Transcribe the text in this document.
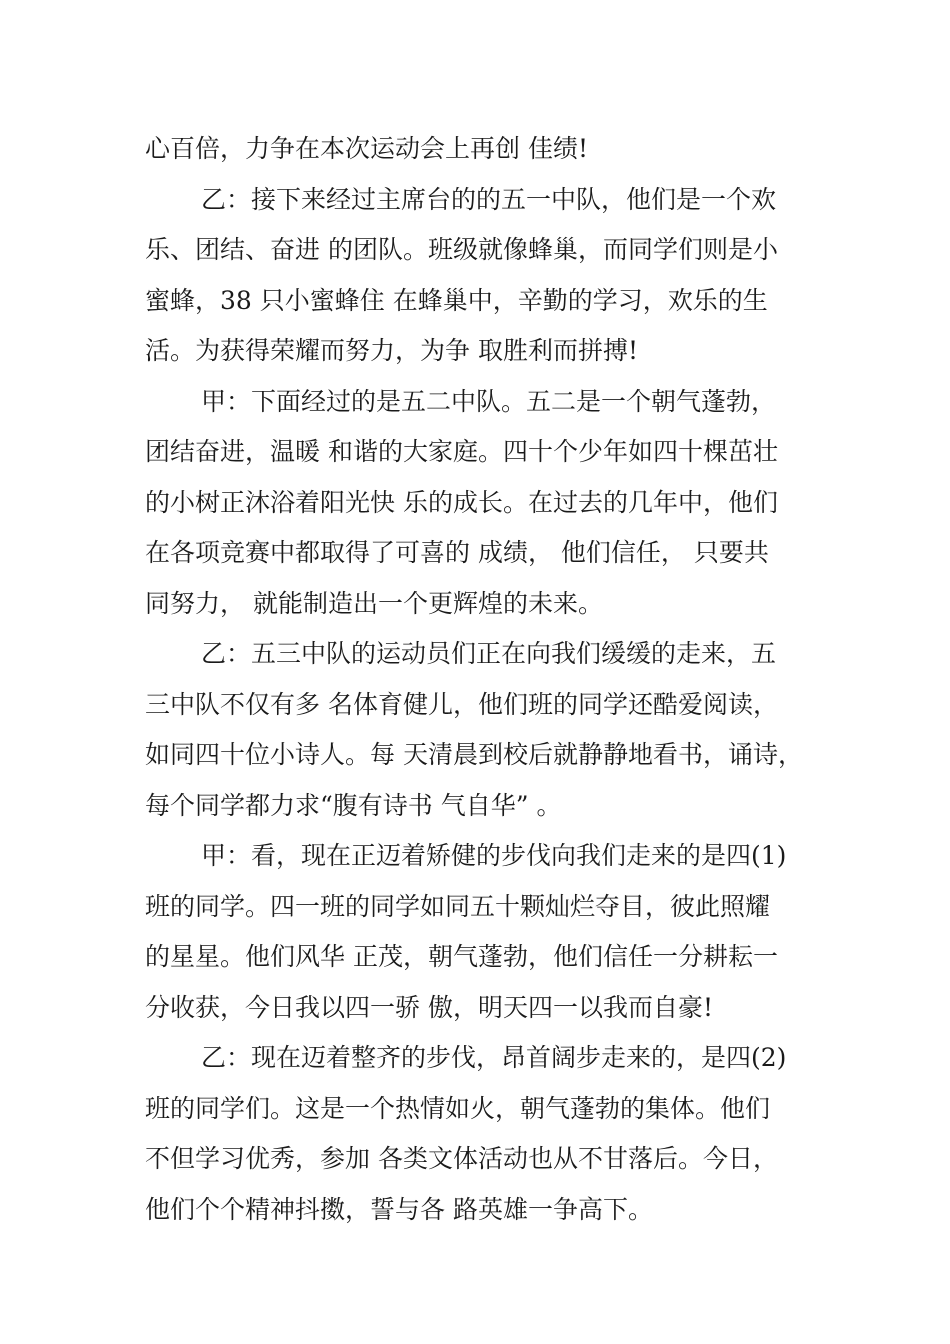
心百倍，力争在本次运动会上再创 佳绩!
乙：接下来经过主席台的的五一中队，他们是一个欢
乐、团结、奋进 的团队。班级就像蜂巢，而同学们则是小
蜜蜂，38 只小蜜蜂住 在蜂巢中，辛勤的学习，欢乐的生
活。为获得荣耀而努力，为争 取胜利而拼搏!
甲：下面经过的是五二中队。五二是一个朝气蓬勃，
团结奋进，温暖 和谐的大家庭。四十个少年如四十棵茁壮
的小树正沐浴着阳光快 乐的成长。在过去的几年中，他们
在各项竞赛中都取得了可喜的 成绩， 他们信任， 只要共
同努力， 就能制造出一个更辉煌的未来。
乙：五三中队的运动员们正在向我们缓缓的走来，五
三中队不仅有多 名体育健儿，他们班的同学还酷爱阅读，
如同四十位小诗人。每 天清晨到校后就静静地看书，诵诗，
每个同学都力求“腹有诗书 气自华” 。
甲：看，现在正迈着矫健的步伐向我们走来的是四(1)
班的同学。四一班的同学如同五十颗灿烂夺目，彼此照耀
的星星。他们风华 正茂，朝气蓬勃，他们信任一分耕耘一
分收获，今日我以四一骄 傲，明天四一以我而自豪!
乙：现在迈着整齐的步伐，昂首阔步走来的，是四(2)
班的同学们。这是一个热情如火，朝气蓬勃的集体。他们
不但学习优秀，参加 各类文体活动也从不甘落后。今日，
他们个个精神抖擞，誓与各 路英雄一争高下。
